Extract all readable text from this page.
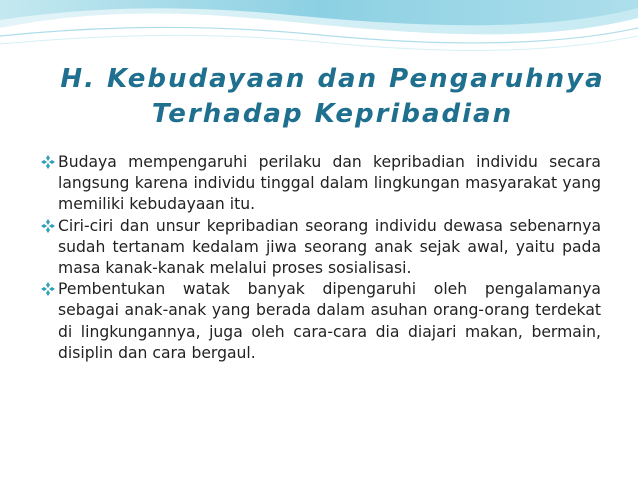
H. Kebudayaan dan Pengaruhnya
Terhadap Kepribadian

Budaya mempengaruhi perilaku dan kepribadian individu secara langsung karena individu tinggal dalam lingkungan masyarakat yang memiliki kebudayaan itu.

Ciri-ciri dan unsur kepribadian seorang individu dewasa sebenarnya sudah tertanam kedalam jiwa seorang anak sejak awal, yaitu pada masa kanak-kanak melalui proses sosialisasi.

Pembentukan watak banyak dipengaruhi oleh pengalamanya sebagai anak-anak yang berada dalam asuhan orang-orang terdekat di lingkungannya, juga oleh cara-cara dia diajari makan, bermain, disiplin dan cara bergaul.
